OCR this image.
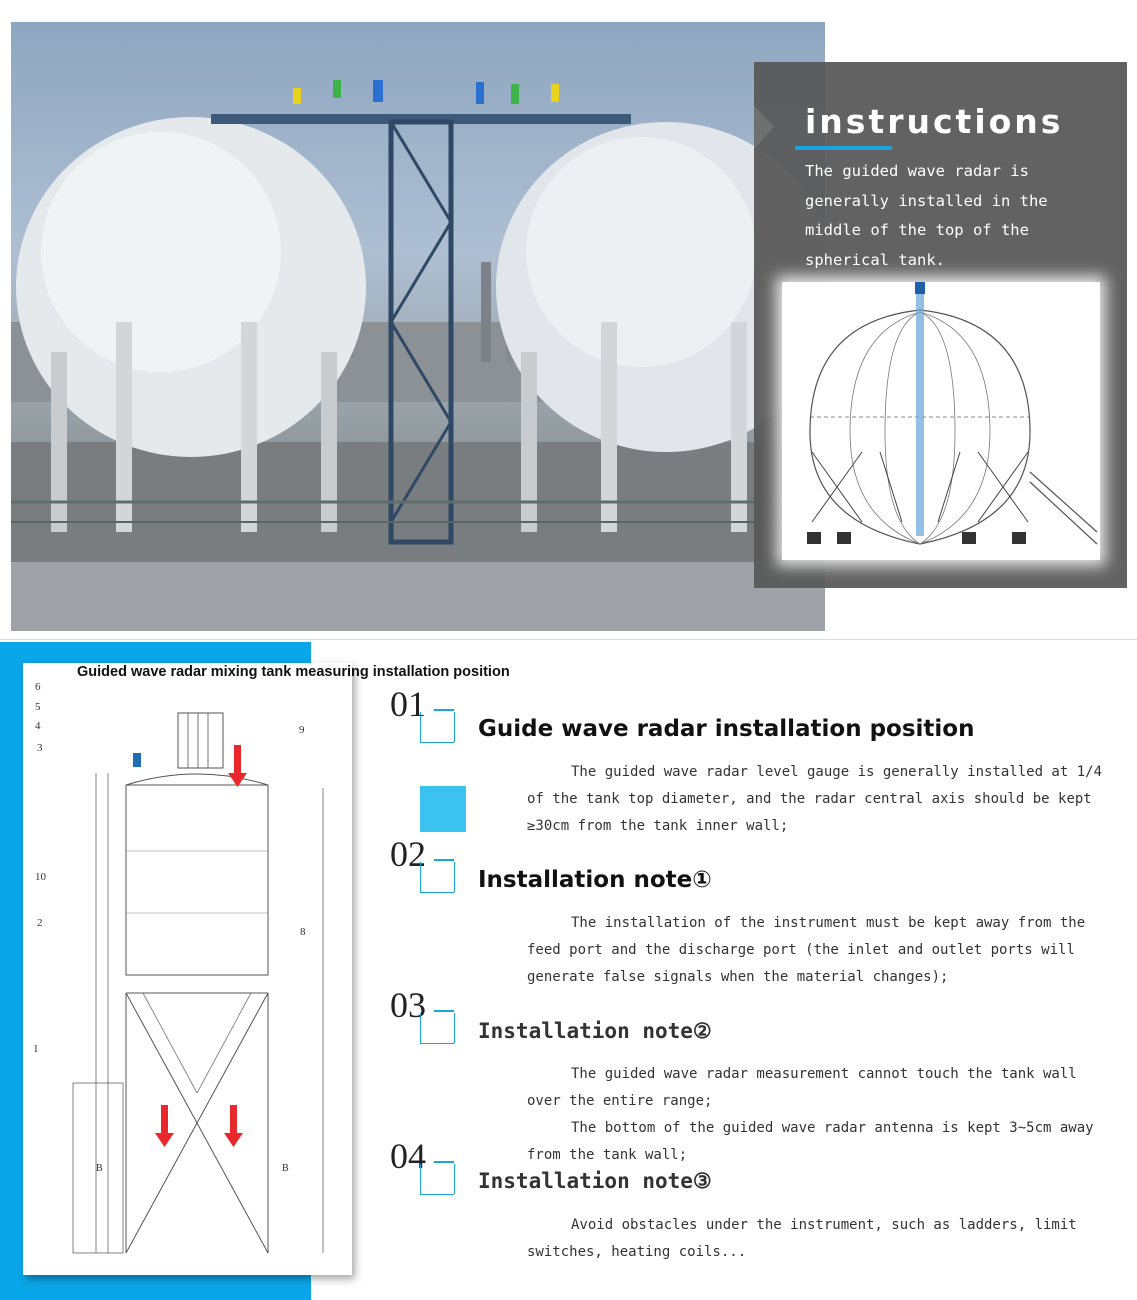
instructions

The guided wave radar is generally installed in the middle of the top of the spherical tank.

6
5
4
3
9
10
2
8
1
B	B

Guided wave radar mixing tank measuring installation position

01

Guide wave radar installation position

The guided wave radar level gauge is generally installed at 1/4 of the tank top diameter, and the radar central axis should be kept ≥30cm from the tank inner wall;

02

Installation note①

The installation of the instrument must be kept away from the feed port and the discharge port (the inlet and outlet ports will generate false signals when the material changes);

03

Installation note②

The guided wave radar measurement cannot touch the tank wall over the entire range;
The bottom of the guided wave radar antenna is kept 3~5cm away from the tank wall;

04

Installation note③

Avoid obstacles under the instrument, such as ladders, limit switches, heating coils...
